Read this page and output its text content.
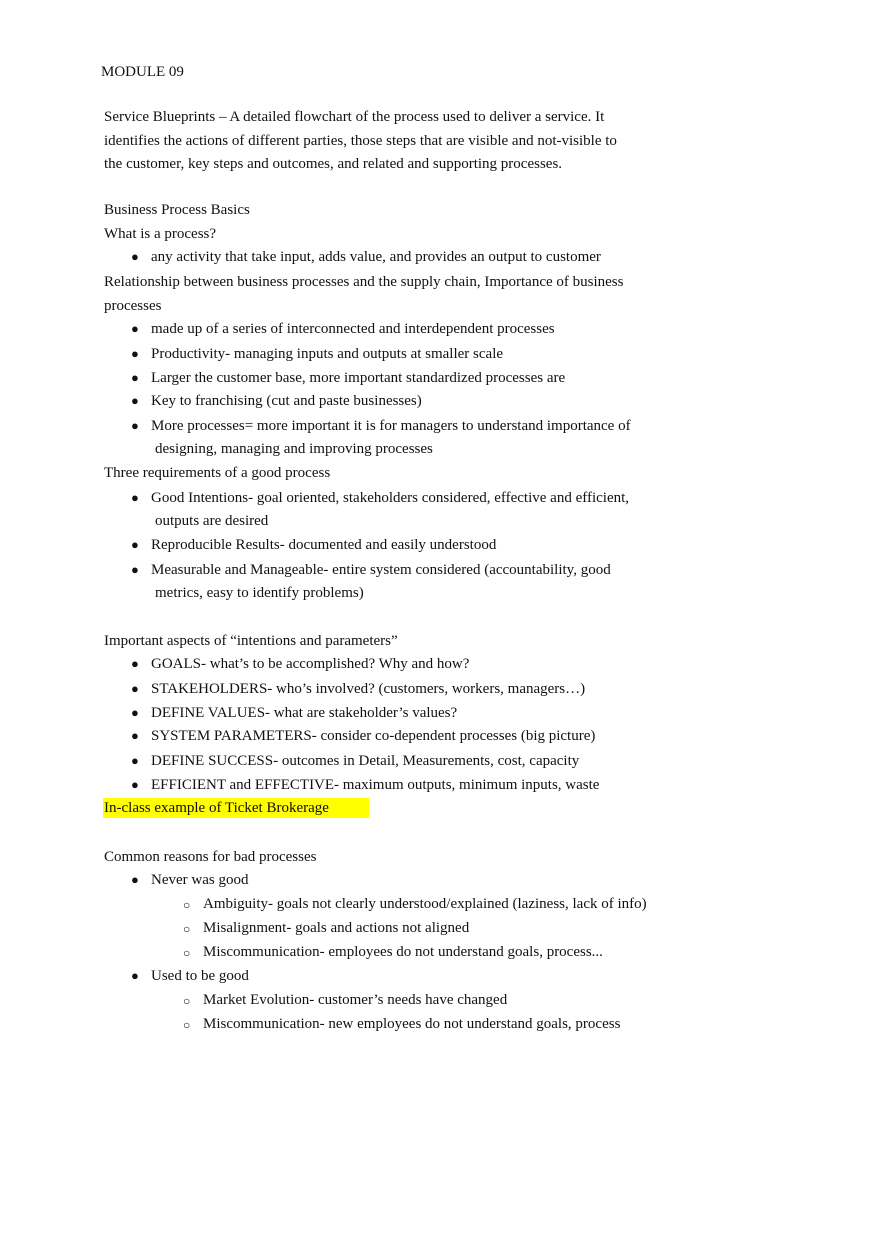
MODULE 09
Service Blueprints – A detailed flowchart of the process used to deliver a service. It
identifies the actions of different parties, those steps that are visible and not-visible to
the customer, key steps and outcomes, and related and supporting processes.
Business Process Basics
What is a process?
● any activity that take input, adds value, and provides an output to customer
Relationship between business processes and the supply chain, Importance of business
processes
● made up of a series of interconnected and interdependent processes
● Productivity- managing inputs and outputs at smaller scale
● Larger the customer base, more important standardized processes are
● Key to franchising (cut and paste businesses)
● More processes= more important it is for managers to understand importance of
designing, managing and improving processes
Three requirements of a good process
● Good Intentions- goal oriented, stakeholders considered, effective and efficient,
outputs are desired
● Reproducible Results- documented and easily understood
● Measurable and Manageable- entire system considered (accountability, good
metrics, easy to identify problems)
Important aspects of “intentions and parameters”
● GOALS- what’s to be accomplished? Why and how?
● STAKEHOLDERS- who’s involved? (customers, workers, managers…)
● DEFINE VALUES- what are stakeholder’s values?
● SYSTEM PARAMETERS- consider co-dependent processes (big picture)
● DEFINE SUCCESS- outcomes in Detail, Measurements, cost, capacity
● EFFICIENT and EFFECTIVE- maximum outputs, minimum inputs, waste
In-class example of Ticket Brokerage
Common reasons for bad processes
● Never was good
○ Ambiguity- goals not clearly understood/explained (laziness, lack of info)
○ Misalignment- goals and actions not aligned
○ Miscommunication- employees do not understand goals, process...
● Used to be good
○ Market Evolution- customer’s needs have changed
○ Miscommunication- new employees do not understand goals, process
